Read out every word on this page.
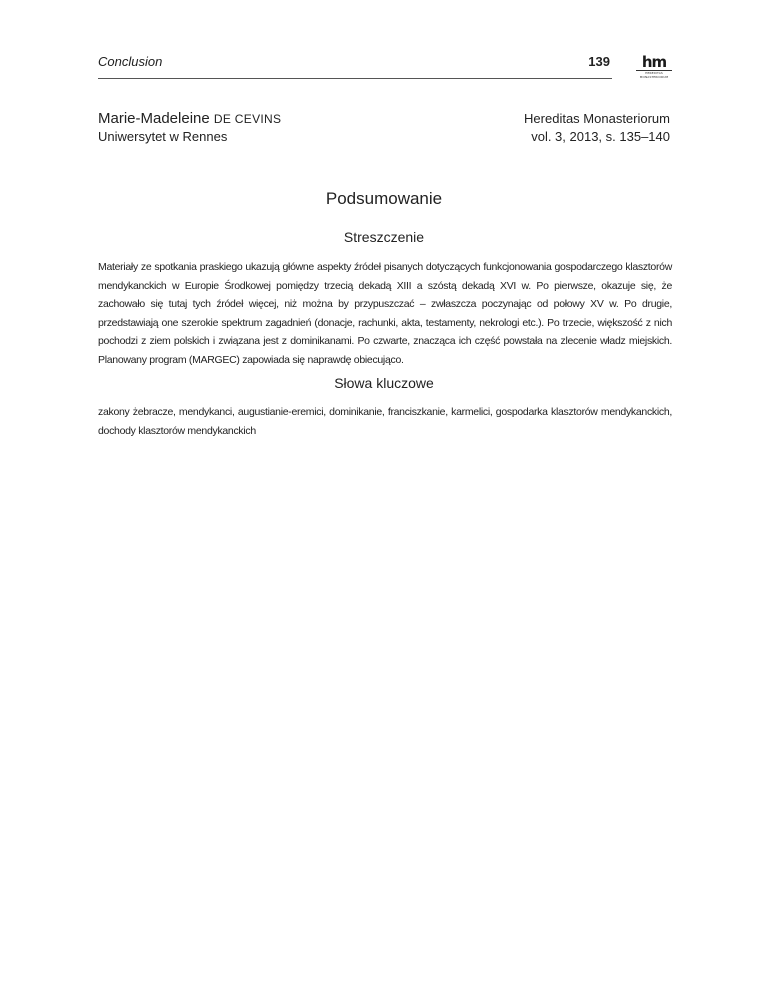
Conclusion	139	hm
HEREDITAS
MONASTERIORUM
Marie-Madeleine DE CEVINS
Uniwersytet w Rennes
Hereditas Monasteriorum
vol. 3, 2013, s. 135–140
Podsumowanie
Streszczenie
Materiały ze spotkania praskiego ukazują główne aspekty źródeł pisanych dotyczących funkcjonowania gospodarczego klasztorów mendykanckich w Europie Środkowej pomiędzy trzecią dekadą XIII a szóstą dekadą XVI w. Po pierwsze, okazuje się, że zachowało się tutaj tych źródeł więcej, niż można by przypuszczać – zwłaszcza poczynając od połowy XV w. Po drugie, przedstawiają one szerokie spektrum zagadnień (donacje, rachunki, akta, testamenty, nekrologi etc.). Po trzecie, większość z nich pochodzi z ziem polskich i związana jest z dominikanami. Po czwarte, znacząca ich część powstała na zlecenie władz miejskich. Planowany program (MARGEC) zapowiada się naprawdę obiecująco.
Słowa kluczowe
zakony żebracze, mendykanci, augustianie-eremici, dominikanie, franciszkanie, karmelici, gospodarka klasztorów mendykanckich, dochody klasztorów mendykanckich
